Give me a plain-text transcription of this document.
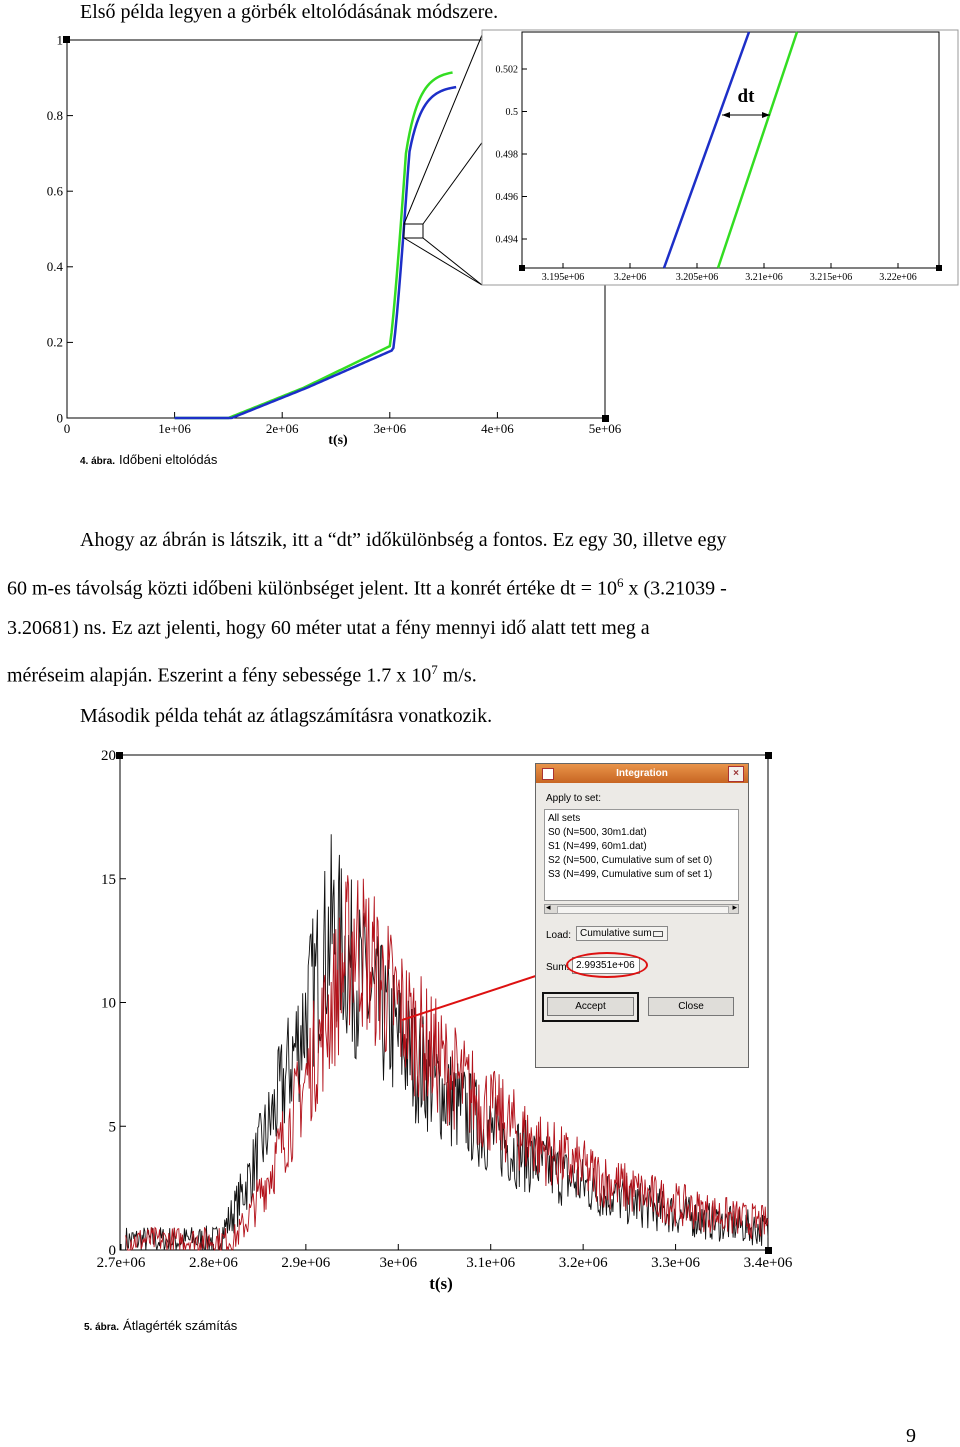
Első példa legyen a görbék eltolódásának módszere.
0
0.2
0.4
0.6
0.8
1
0	1e+06	2e+06	3e+06	4e+06	5e+06
t(s)
0.494
0.496
0.498
0.5
0.502
3.195e+06	3.2e+06	3.205e+06	3.21e+06	3.215e+06	3.22e+06
dt
4. ábra. Időbeni eltolódás
Ahogy az ábrán is látszik, itt a “dt” időkülönbség a fontos. Ez egy 30, illetve egy
60 m-es távolság közti időbeni különbséget jelent. Itt a konrét értéke dt = $10^6$ x (3.21039 -
3.20681) ns. Ez azt jelenti, hogy 60 méter utat a fény mennyi idő alatt tett meg a
méréseim alapján. Eszerint a fény sebessége 1.7 x $10^7$ m/s.
Második példa tehát az átlagszámításra vonatkozik.
0
5
10
15
20
2.7e+06	2.8e+06	2.9e+06	3e+06	3.1e+06	3.2e+06	3.3e+06	3.4e+06
t(s)
Integration	×
Apply to set:
All sets
S0 (N=500, 30m1.dat)
S1 (N=499, 60m1.dat)
S2 (N=500, Cumulative sum of set 0)
S3 (N=499, Cumulative sum of set 1)
◂	▸
Load: Cumulative sum
Sum: 2.99351e+06
Accept	Close
5. ábra. Átlagérték számítás
9
